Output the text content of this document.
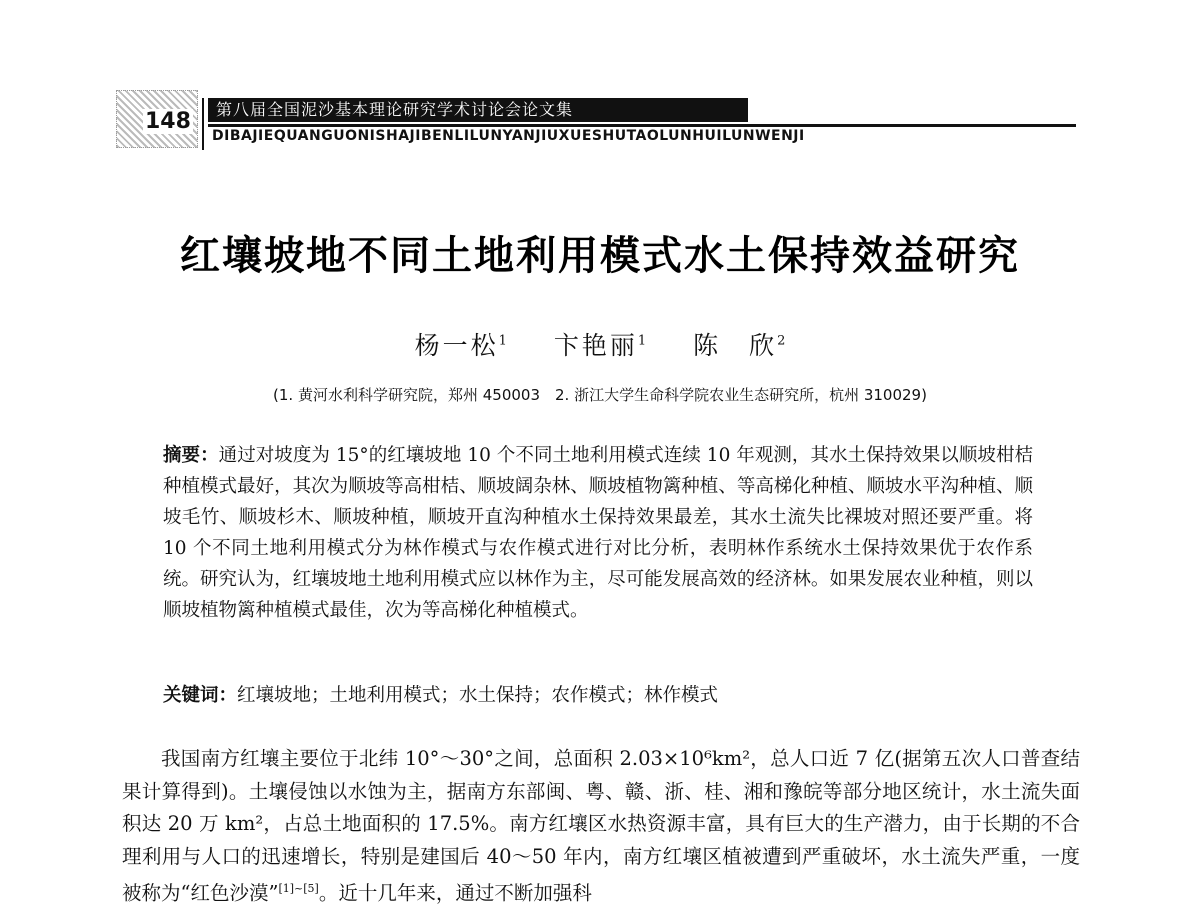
148	第八届全国泥沙基本理论研究学术讨论会论文集
DIBAJIEQUANGUONISHAJIBENLILUNYANJIUXUESHUTAOLUNHUILUNWENJI
红壤坡地不同土地利用模式水土保持效益研究
杨一松$^1$ 卞艳丽$^1$ 陈　欣$^2$
(1. 黄河水利科学研究院，郑州 450003　2. 浙江大学生命科学院农业生态研究所，杭州 310029)
摘要：通过对坡度为 15°的红壤坡地 10 个不同土地利用模式连续 10 年观测，其水土保持效果以顺坡柑桔种植模式最好，其次为顺坡等高柑桔、顺坡阔杂林、顺坡植物篱种植、等高梯化种植、顺坡水平沟种植、顺坡毛竹、顺坡杉木、顺坡种植，顺坡开直沟种植水土保持效果最差，其水土流失比裸坡对照还要严重。将 10 个不同土地利用模式分为林作模式与农作模式进行对比分析，表明林作系统水土保持效果优于农作系统。研究认为，红壤坡地土地利用模式应以林作为主，尽可能发展高效的经济林。如果发展农业种植，则以顺坡植物篱种植模式最佳，次为等高梯化种植模式。
关键词：红壤坡地；土地利用模式；水土保持；农作模式；林作模式
我国南方红壤主要位于北纬 10°～30°之间，总面积 2.03×10⁶km²，总人口近 7 亿(据第五次人口普查结果计算得到)。土壤侵蚀以水蚀为主，据南方东部闽、粤、赣、浙、桂、湘和豫皖等部分地区统计，水土流失面积达 20 万 km²，占总土地面积的 17.5%。南方红壤区水热资源丰富，具有巨大的生产潜力，由于长期的不合理利用与人口的迅速增长，特别是建国后 40～50 年内，南方红壤区植被遭到严重破坏，水土流失严重，一度被称为“红色沙漠”[1]~[5]。近十几年来，通过不断加强科
